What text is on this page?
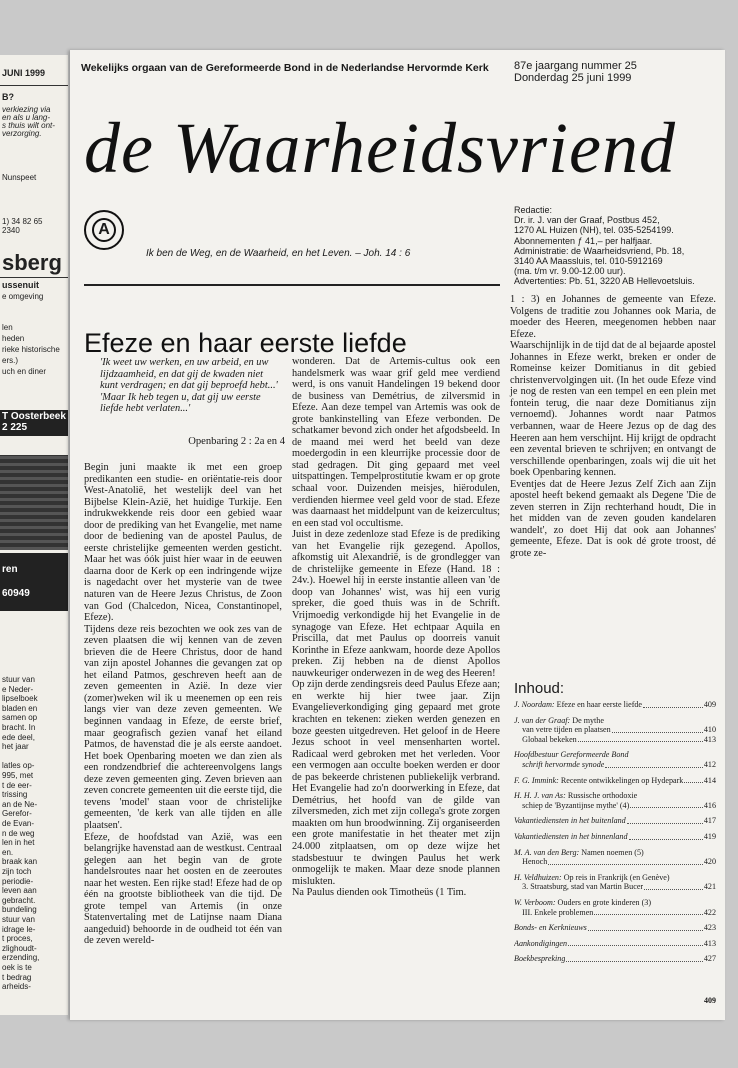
JUNI 1999
B?
verkiezing via
en als u lang-
s thuis wilt ont-
verzorging.
Nunspeet
1) 34 82 65
2340
sberg
ussenuit
e omgeving
len
heden
rieke historische
ers.)
uch en diner
T Oosterbeek
2 225
ren
60949
stuur van
e Neder-
lipselboek
bladen en
samen op
bracht. In
ede deel,
het jaar
latles op-
995, met
t de eer-
trissing
an de Ne-
Gerefor-
de Evan-
n de weg
len in het
en.
braak kan
zijn toch
periodie-
leven aan
gebracht.
bundeling
stuur van
idrage le-
t proces,
zlighoudt-
erzending,
oek is te
t bedrag
arheids-
Wekelijks orgaan van de Gereformeerde Bond in de Nederlandse Hervormde Kerk 87e jaargang nummer 25
Donderdag 25 juni 1999
de Waarheidsvriend
A
Ik ben de Weg, en de Waarheid, en het Leven. – Joh. 14 : 6
Redactie:
Dr. ir. J. van der Graaf, Postbus 452,
1270 AL Huizen (NH), tel. 035-5254199.
Abonnementen ƒ 41,– per halfjaar.
Administratie: de Waarheidsvriend, Pb. 18,
3140 AA Maassluis, tel. 010-5912169
(ma. t/m vr. 9.00-12.00 uur).
Advertenties: Pb. 51, 3220 AB Hellevoetsluis.
Efeze en haar eerste liefde

'Ik weet uw werken, en uw arbeid, en uw lijdzaamheid, en dat gij de kwaden niet kunt verdragen; en dat gij beproefd hebt...'

'Maar Ik heb tegen u, dat gij uw eerste liefde hebt verlaten...'

Openbaring 2 : 2a en 4

Begin juni maakte ik met een groep predikanten een studie- en oriëntatie-reis door West-Anatolië, het westelijk deel van het Bijbelse Klein-Azië, het huidige Turkije. Een indrukwekkende reis door een gebied waar door de prediking van het Evangelie, met name door de bediening van de apostel Paulus, de eerste christelijke gemeenten werden gesticht. Maar het was óók juist híer waar in de eeuwen daarna door de Kerk op een indringende wijze is nagedacht over het mysterie van de twee naturen van de Heere Jezus Christus, de Zoon van God (Chalcedon, Nicea, Constantinopel, Efeze).

Tijdens deze reis bezochten we ook zes van de zeven plaatsen die wij kennen van de zeven brieven die de Heere Christus, door de hand van zijn apostel Johannes die gevangen zat op het eiland Patmos, geschreven heeft aan de zeven gemeenten in Azië. In deze vier (zomer)weken wil ik u meenemen op een reis langs vier van deze zeven gemeenten. We beginnen vandaag in Efeze, de eerste brief, maar geografisch gezien vanaf het eiland Patmos, de havenstad die je als eerste aandoet. Het boek Openbaring moeten we dan zien als een rondzendbrief die achtereenvolgens langs deze zeven gemeenten ging. Zeven brieven aan zeven concrete gemeenten uit die eerste tijd, die tevens 'model' staan voor de christelijke gemeenten, 'de kerk van alle tijden en alle plaatsen'.

Efeze, de hoofdstad van Azië, was een belangrijke havenstad aan de westkust. Centraal gelegen aan het begin van de grote handelsroutes naar het oosten en de zeeroutes naar het westen. Een rijke stad! Efeze had de op één na grootste bibliotheek van die tijd. De grote tempel van Artemis (in onze Statenvertaling met de Latijnse naam Diana aangeduid) behoorde in de oudheid tot één van de zeven wereld-

wonderen. Dat de Artemis-cultus ook een handelsmerk was waar grif geld mee verdiend werd, is ons vanuit Handelingen 19 bekend door de business van Demétrius, de zilversmid in Efeze. Aan deze tempel van Artemis was ook de grote bankinstelling van Efeze verbonden. De schatkamer bevond zich onder het afgodsbeeld. In de maand mei werd het beeld van deze moedergodin in een kleurrijke processie door de stad gedragen. Dit ging gepaard met veel uitspattingen. Tempelprostitutie kwam er op grote schaal voor. Duizenden meisjes, hiërodulen, verdienden hiermee veel geld voor de stad. Efeze was daarnaast het middelpunt van de keizercultus; en een stad vol occultisme.

Juist in deze zedenloze stad Efeze is de prediking van het Evangelie rijk gezegend. Apollos, afkomstig uit Alexandrië, is de grondlegger van de christelijke gemeente in Efeze (Hand. 18 : 24v.). Hoewel hij in eerste instantie alleen van 'de doop van Johannes' wist, was hij een vurig spreker, die goed thuis was in de Schrift. Vrijmoedig verkondigde hij het Evangelie in de synagoge van Efeze. Het echtpaar Aquila en Priscilla, dat met Paulus op doorreis vanuit Korinthe in Efeze aankwam, hoorde deze Apollos preken. Zij hebben na de dienst Apollos nauwkeuriger onderwezen in de weg des Heeren!

Op zijn derde zendingsreis deed Paulus Efeze aan; en werkte hij hier twee jaar. Zijn Evangelieverkondiging ging gepaard met grote krachten en tekenen: zieken werden genezen en boze geesten uitgedreven. Het geloof in de Heere Jezus schoot in veel mensenharten wortel. Radicaal werd gebroken met het verleden. Voor een vermogen aan occulte boeken werden er door de pas bekeerde christenen publiekelijk verbrand. Het Evangelie had zo'n doorwerking in Efeze, dat Demétrius, het hoofd van de gilde van zilversmeden, zich met zijn collega's grote zorgen maakten om hun broodwinning. Zij organiseerden een grote manifestatie in het theater met zijn 24.000 zitplaatsen, om op deze wijze het stadsbestuur te dwingen Paulus het werk onmogelijk te maken. Maar deze snode plannen mislukten.

Na Paulus dienden ook Timotheüs (1 Tim.

1 : 3) en Johannes de gemeente van Efeze. Volgens de traditie zou Johannes ook Maria, de moeder des Heeren, meegenomen hebben naar Efeze.

Waarschijnlijk in de tijd dat de al bejaarde apostel Johannes in Efeze werkt, breken er onder de Romeinse keizer Domitianus in dit gebied christenvervolgingen uit. (In het oude Efeze vind je nog de resten van een tempel en een plein met fontein terug, die naar deze Domitianus zijn vernoemd). Johannes wordt naar Patmos verbannen, waar de Heere Jezus op de dag des Heeren aan hem verschijnt. Hij krijgt de opdracht een zevental brieven te schrijven; en ontvangt de verschillende openbaringen, zoals wij die uit het boek Openbaring kennen.

Eventjes dat de Heere Jezus Zelf Zich aan Zijn apostel heeft bekend gemaakt als Degene 'Die de zeven sterren in Zijn rechterhand houdt, Die in het midden van de zeven gouden kandelaren wandelt', zo doet Hij dat ook aan Johannes' gemeente, Efeze. Dat is ook dé grote troost, dé grote ze-

Inhoud:
J. Noordam: Efeze en haar eerste liefde	409
J. van der Graaf: De mythe
 van vetre tijden en plaatsen	410
 Globaal bekeken	413
Hoofdbestuur Gereformeerde Bond
 schrift hervormde synode	412
F. G. Immink: Recente ontwikkelingen op Hydepark	414
H. H. J. van As: Russische orthodoxie
 schiep de 'Byzantijnse mythe' (4)	416
Vakantiediensten in het buitenland	417
Vakantiediensten in het binnenland	419
M. A. van den Berg: Namen noemen (5)
 Henoch	420
H. Veldhuizen: Op reis in Frankrijk (en Genève)
 3. Straatsburg, stad van Martin Bucer	421
W. Verboom: Ouders en grote kinderen (3)
 III. Enkele problemen	422
Bonds- en Kerknieuws	423
Aankondigingen	413
Boekbespreking	427
409
